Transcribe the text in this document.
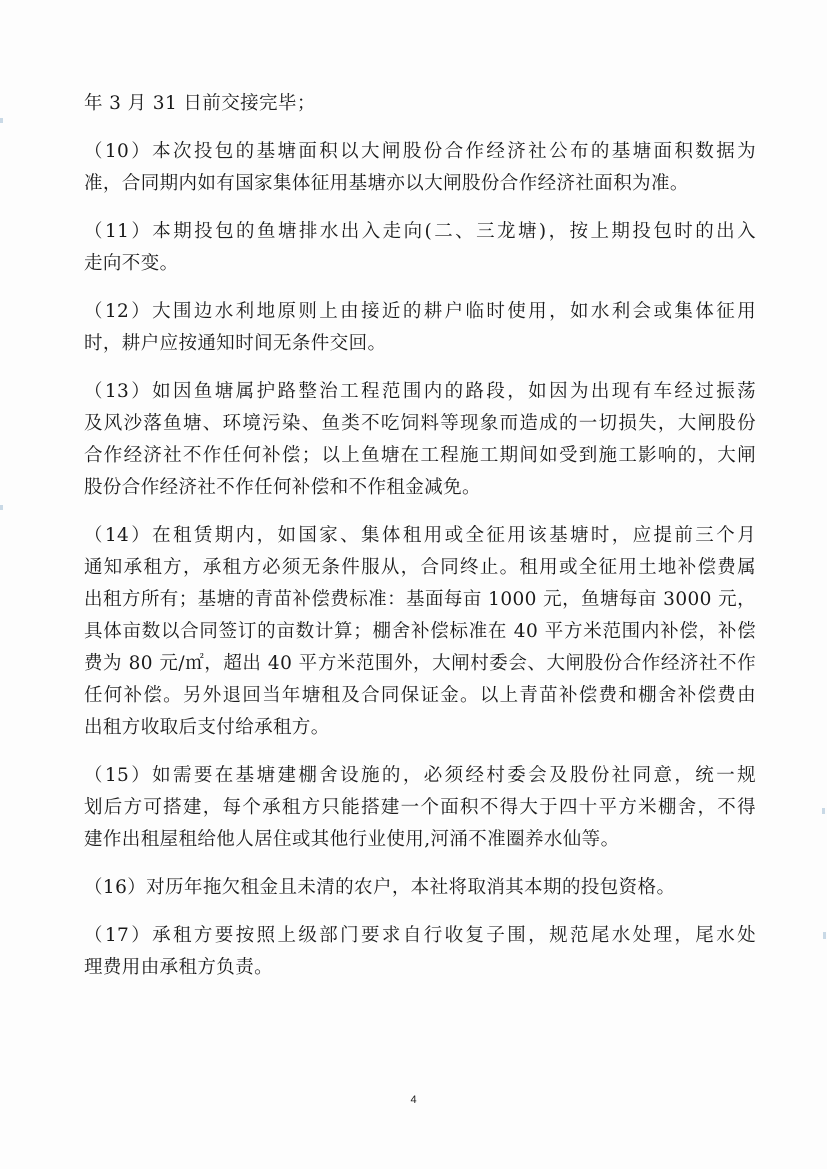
年 3 月 31 日前交接完毕；
（10）本次投包的基塘面积以大闸股份合作经济社公布的基塘面积数据为
准，合同期内如有国家集体征用基塘亦以大闸股份合作经济社面积为准。
（11）本期投包的鱼塘排水出入走向(二、三龙塘)，按上期投包时的出入
走向不变。
（12）大围边水利地原则上由接近的耕户临时使用，如水利会或集体征用
时，耕户应按通知时间无条件交回。
（13）如因鱼塘属护路整治工程范围内的路段，如因为出现有车经过振荡
及风沙落鱼塘、环境污染、鱼类不吃饲料等现象而造成的一切损失，大闸股份
合作经济社不作任何补偿；以上鱼塘在工程施工期间如受到施工影响的，大闸
股份合作经济社不作任何补偿和不作租金减免。
（14）在租赁期内，如国家、集体租用或全征用该基塘时，应提前三个月
通知承租方，承租方必须无条件服从，合同终止。租用或全征用土地补偿费属
出租方所有；基塘的青苗补偿费标准：基面每亩 1000 元，鱼塘每亩 3000 元，
具体亩数以合同签订的亩数计算；棚舍补偿标准在 40 平方米范围内补偿，补偿
费为 80 元/㎡，超出 40 平方米范围外，大闸村委会、大闸股份合作经济社不作
任何补偿。另外退回当年塘租及合同保证金。以上青苗补偿费和棚舍补偿费由
出租方收取后支付给承租方。
（15）如需要在基塘建棚舍设施的，必须经村委会及股份社同意，统一规
划后方可搭建，每个承租方只能搭建一个面积不得大于四十平方米棚舍，不得
建作出租屋租给他人居住或其他行业使用,河涌不准圈养水仙等。
（16）对历年拖欠租金且未清的农户，本社将取消其本期的投包资格。
（17）承租方要按照上级部门要求自行收复子围，规范尾水处理，尾水处
理费用由承租方负责。
4
